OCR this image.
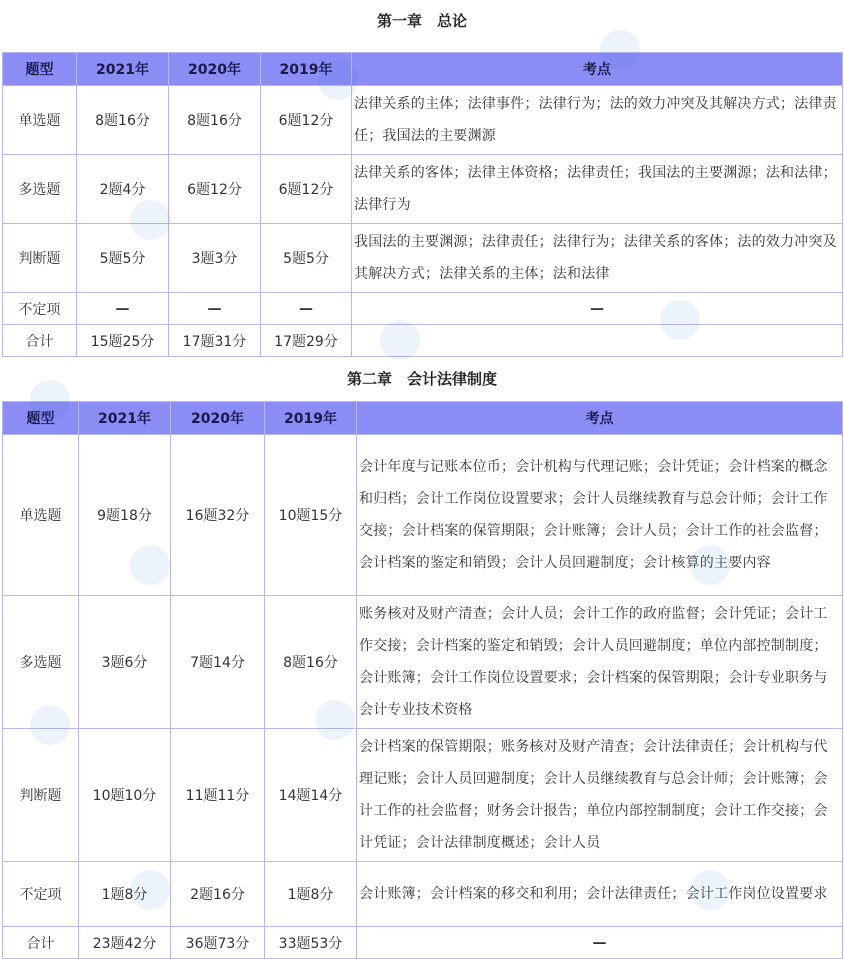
第一章　总论
题型	2021年	2020年	2019年	考点
单选题	8题16分	8题16分	6题12分	法律关系的主体；法律事件；法律行为；法的效力冲突及其解决方式；法律责任；我国法的主要渊源
多选题	2题4分	6题12分	6题12分	法律关系的客体；法律主体资格；法律责任；我国法的主要渊源；法和法律；法律行为
判断题	5题5分	3题3分	5题5分	我国法的主要渊源；法律责任；法律行为；法律关系的客体；法的效力冲突及其解决方式；法律关系的主体；法和法律
不定项	—	—	—	—
合计	15题25分	17题31分	17题29分	
第二章　会计法律制度
题型	2021年	2020年	2019年	考点
单选题	9题18分	16题32分	10题15分	会计年度与记账本位币；会计机构与代理记账；会计凭证；会计档案的概念和归档；会计工作岗位设置要求；会计人员继续教育与总会计师；会计工作交接；会计档案的保管期限；会计账簿；会计人员；会计工作的社会监督；会计档案的鉴定和销毁；会计人员回避制度；会计核算的主要内容
多选题	3题6分	7题14分	8题16分	账务核对及财产清查；会计人员；会计工作的政府监督；会计凭证；会计工作交接；会计档案的鉴定和销毁；会计人员回避制度；单位内部控制制度；会计账簿；会计工作岗位设置要求；会计档案的保管期限；会计专业职务与会计专业技术资格
判断题	10题10分	11题11分	14题14分	会计档案的保管期限；账务核对及财产清查；会计法律责任；会计机构与代理记账；会计人员回避制度；会计人员继续教育与总会计师；会计账簿；会计工作的社会监督；财务会计报告；单位内部控制制度；会计工作交接；会计凭证；会计法律制度概述；会计人员
不定项	1题8分	2题16分	1题8分	会计账簿；会计档案的移交和利用；会计法律责任；会计工作岗位设置要求
合计	23题42分	36题73分	33题53分	—
